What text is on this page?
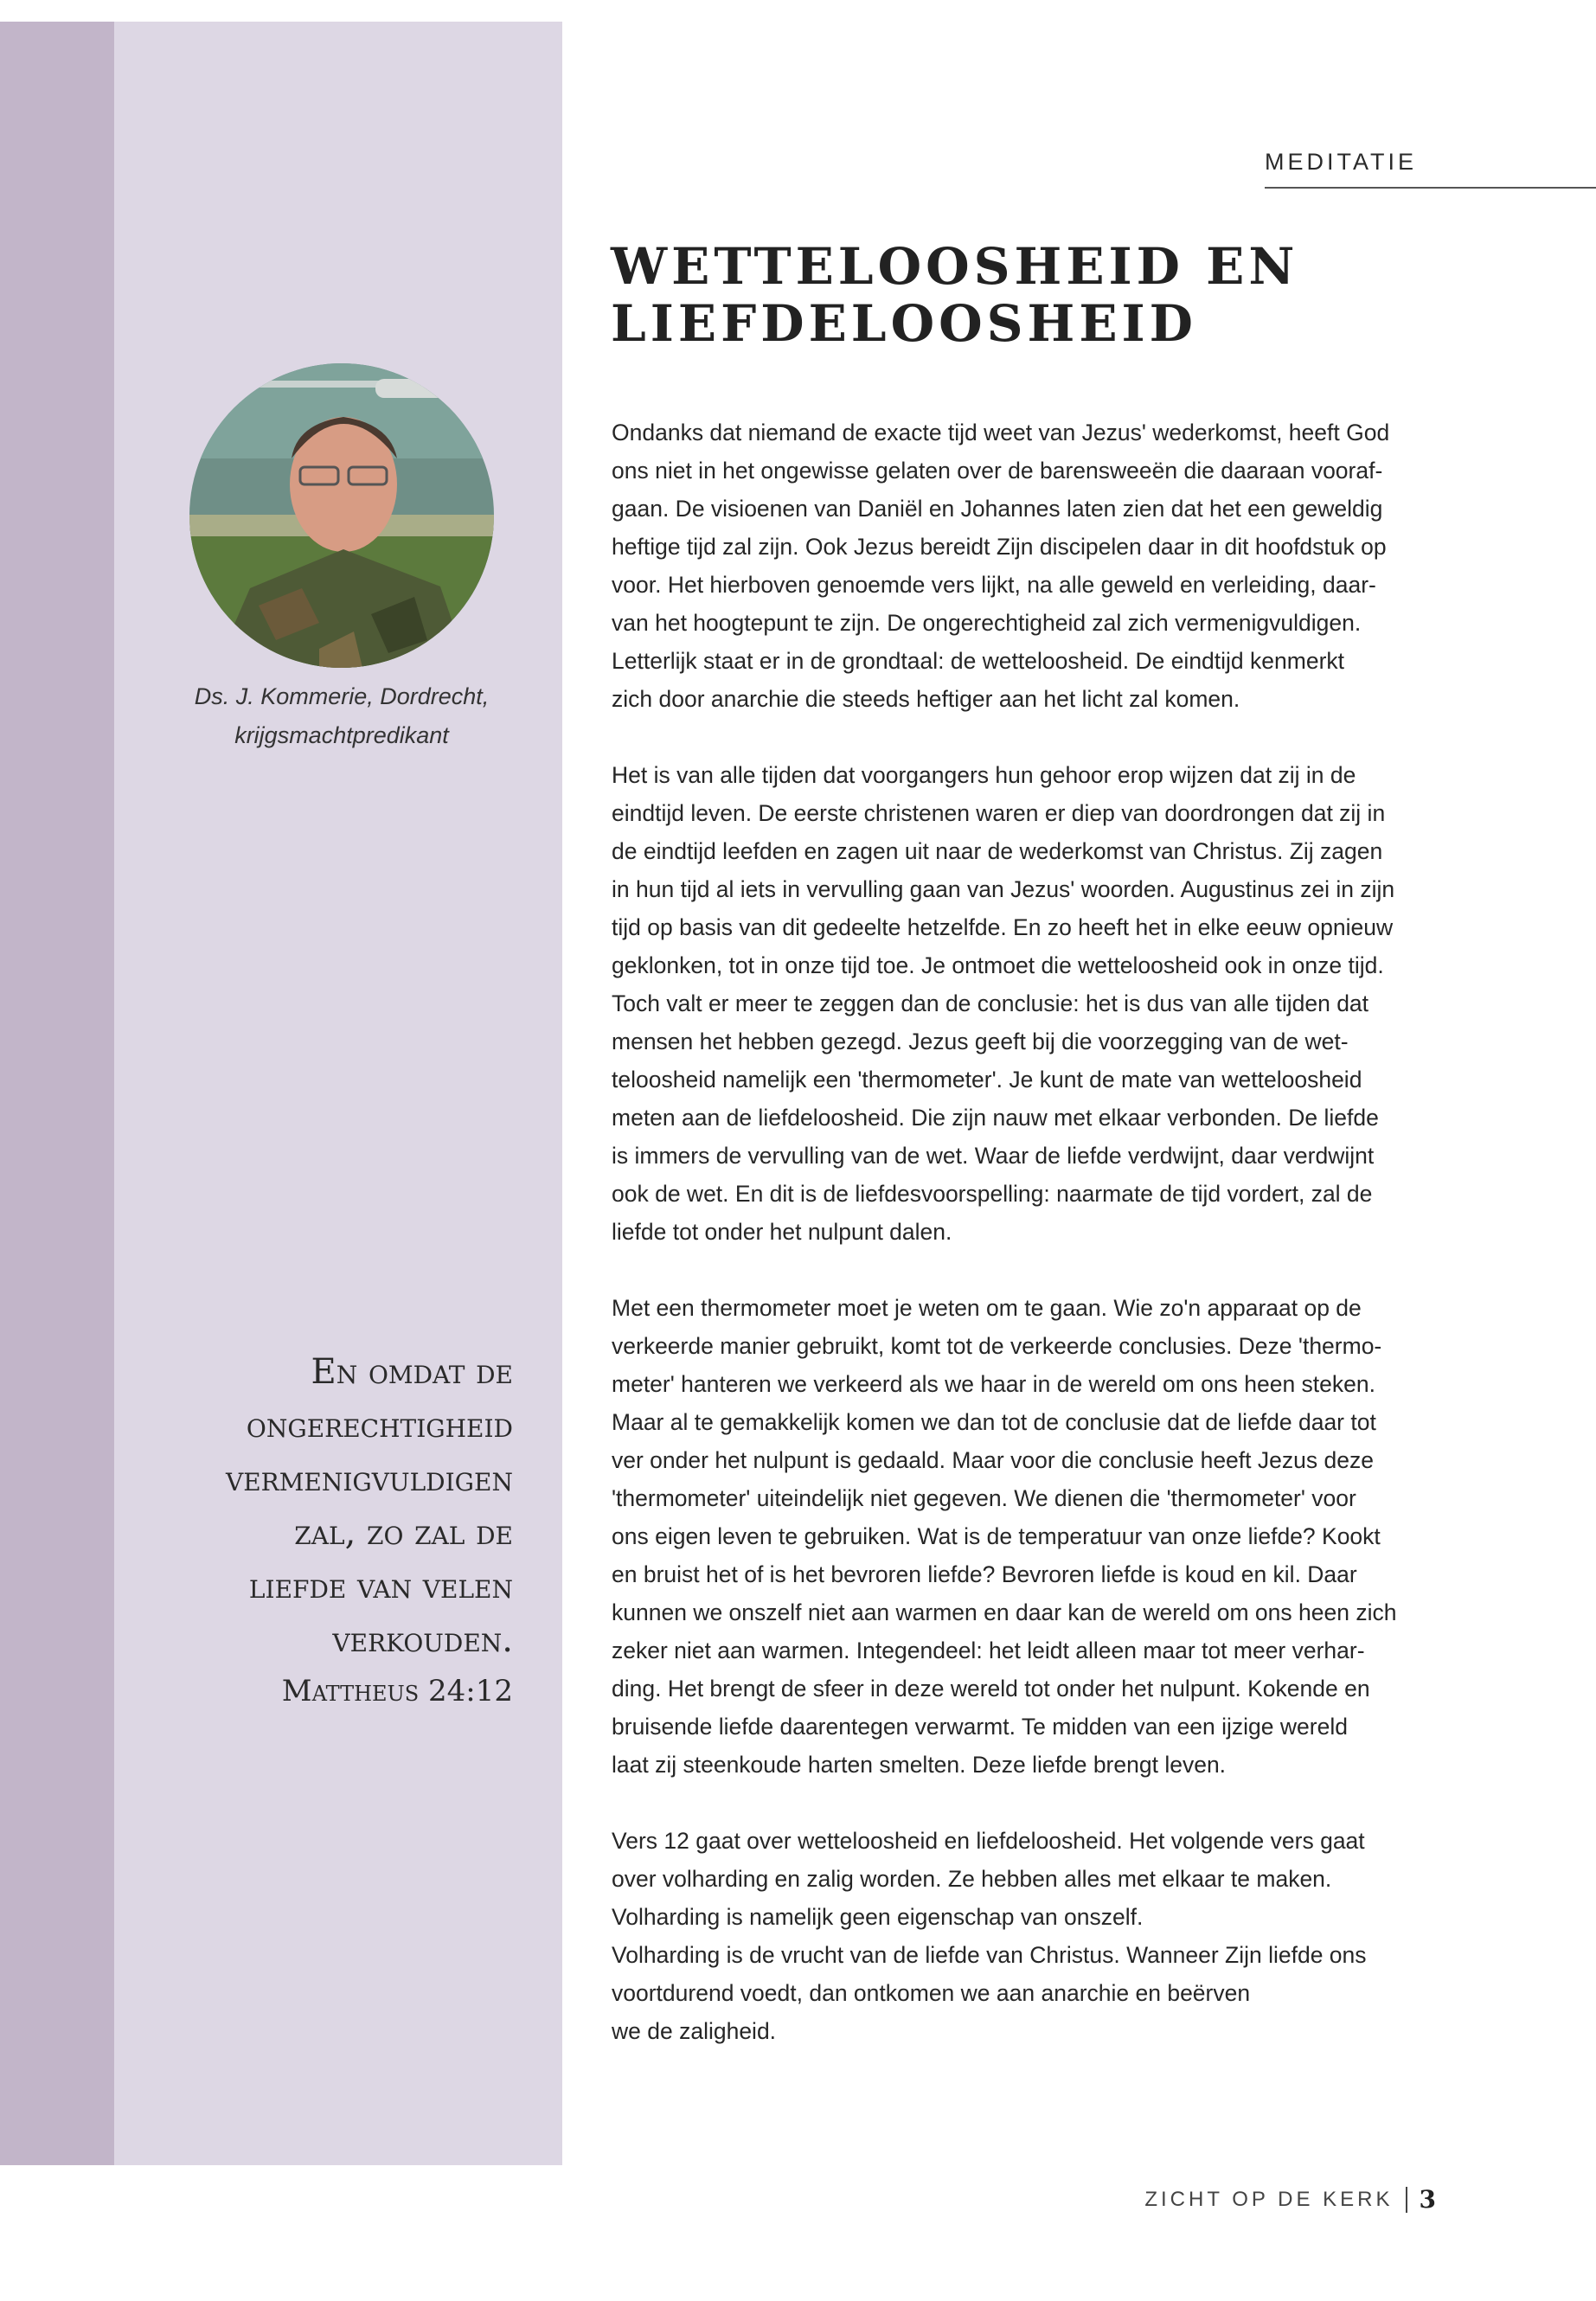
MEDITATIE

WETTELOOSHEID EN
LIEFDELOOSHEID

Ds. J. Kommerie, Dordrecht,
krijgsmachtpredikant

En omdat de
ongerechtigheid
vermenigvuldigen
zal, zo zal de
liefde van velen
verkouden.

Mattheus 24:12

Ondanks dat niemand de exacte tijd weet van Jezus' wederkomst, heeft God
ons niet in het ongewisse gelaten over de barensweeën die daaraan vooraf-
gaan. De visioenen van Daniël en Johannes laten zien dat het een geweldig
heftige tijd zal zijn. Ook Jezus bereidt Zijn discipelen daar in dit hoofdstuk op
voor. Het hierboven genoemde vers lijkt, na alle geweld en verleiding, daar-
van het hoogtepunt te zijn. De ongerechtigheid zal zich vermenigvuldigen.
Letterlijk staat er in de grondtaal: de wetteloosheid. De eindtijd kenmerkt
zich door anarchie die steeds heftiger aan het licht zal komen.

Het is van alle tijden dat voorgangers hun gehoor erop wijzen dat zij in de
eindtijd leven. De eerste christenen waren er diep van doordrongen dat zij in
de eindtijd leefden en zagen uit naar de wederkomst van Christus. Zij zagen
in hun tijd al iets in vervulling gaan van Jezus' woorden. Augustinus zei in zijn
tijd op basis van dit gedeelte hetzelfde. En zo heeft het in elke eeuw opnieuw
geklonken, tot in onze tijd toe. Je ontmoet die wetteloosheid ook in onze tijd.
Toch valt er meer te zeggen dan de conclusie: het is dus van alle tijden dat
mensen het hebben gezegd. Jezus geeft bij die voorzegging van de wet-
teloosheid namelijk een 'thermometer'. Je kunt de mate van wetteloosheid
meten aan de liefdeloosheid. Die zijn nauw met elkaar verbonden. De liefde
is immers de vervulling van de wet. Waar de liefde verdwijnt, daar verdwijnt
ook de wet. En dit is de liefdesvoorspelling: naarmate de tijd vordert, zal de
liefde tot onder het nulpunt dalen.

Met een thermometer moet je weten om te gaan. Wie zo'n apparaat op de
verkeerde manier gebruikt, komt tot de verkeerde conclusies. Deze 'thermo-
meter' hanteren we verkeerd als we haar in de wereld om ons heen steken.
Maar al te gemakkelijk komen we dan tot de conclusie dat de liefde daar tot
ver onder het nulpunt is gedaald. Maar voor die conclusie heeft Jezus deze
'thermometer' uiteindelijk niet gegeven. We dienen die 'thermometer' voor
ons eigen leven te gebruiken. Wat is de temperatuur van onze liefde? Kookt
en bruist het of is het bevroren liefde? Bevroren liefde is koud en kil. Daar
kunnen we onszelf niet aan warmen en daar kan de wereld om ons heen zich
zeker niet aan warmen. Integendeel: het leidt alleen maar tot meer verhar-
ding. Het brengt de sfeer in deze wereld tot onder het nulpunt. Kokende en
bruisende liefde daarentegen verwarmt. Te midden van een ijzige wereld
laat zij steenkoude harten smelten. Deze liefde brengt leven.

Vers 12 gaat over wetteloosheid en liefdeloosheid. Het volgende vers gaat
over volharding en zalig worden. Ze hebben alles met elkaar te maken.
Volharding is namelijk geen eigenschap van onszelf.
Volharding is de vrucht van de liefde van Christus. Wanneer Zijn liefde ons
voortdurend voedt, dan ontkomen we aan anarchie en beërven
we de zaligheid.

ZICHT OP DE KERK 3
